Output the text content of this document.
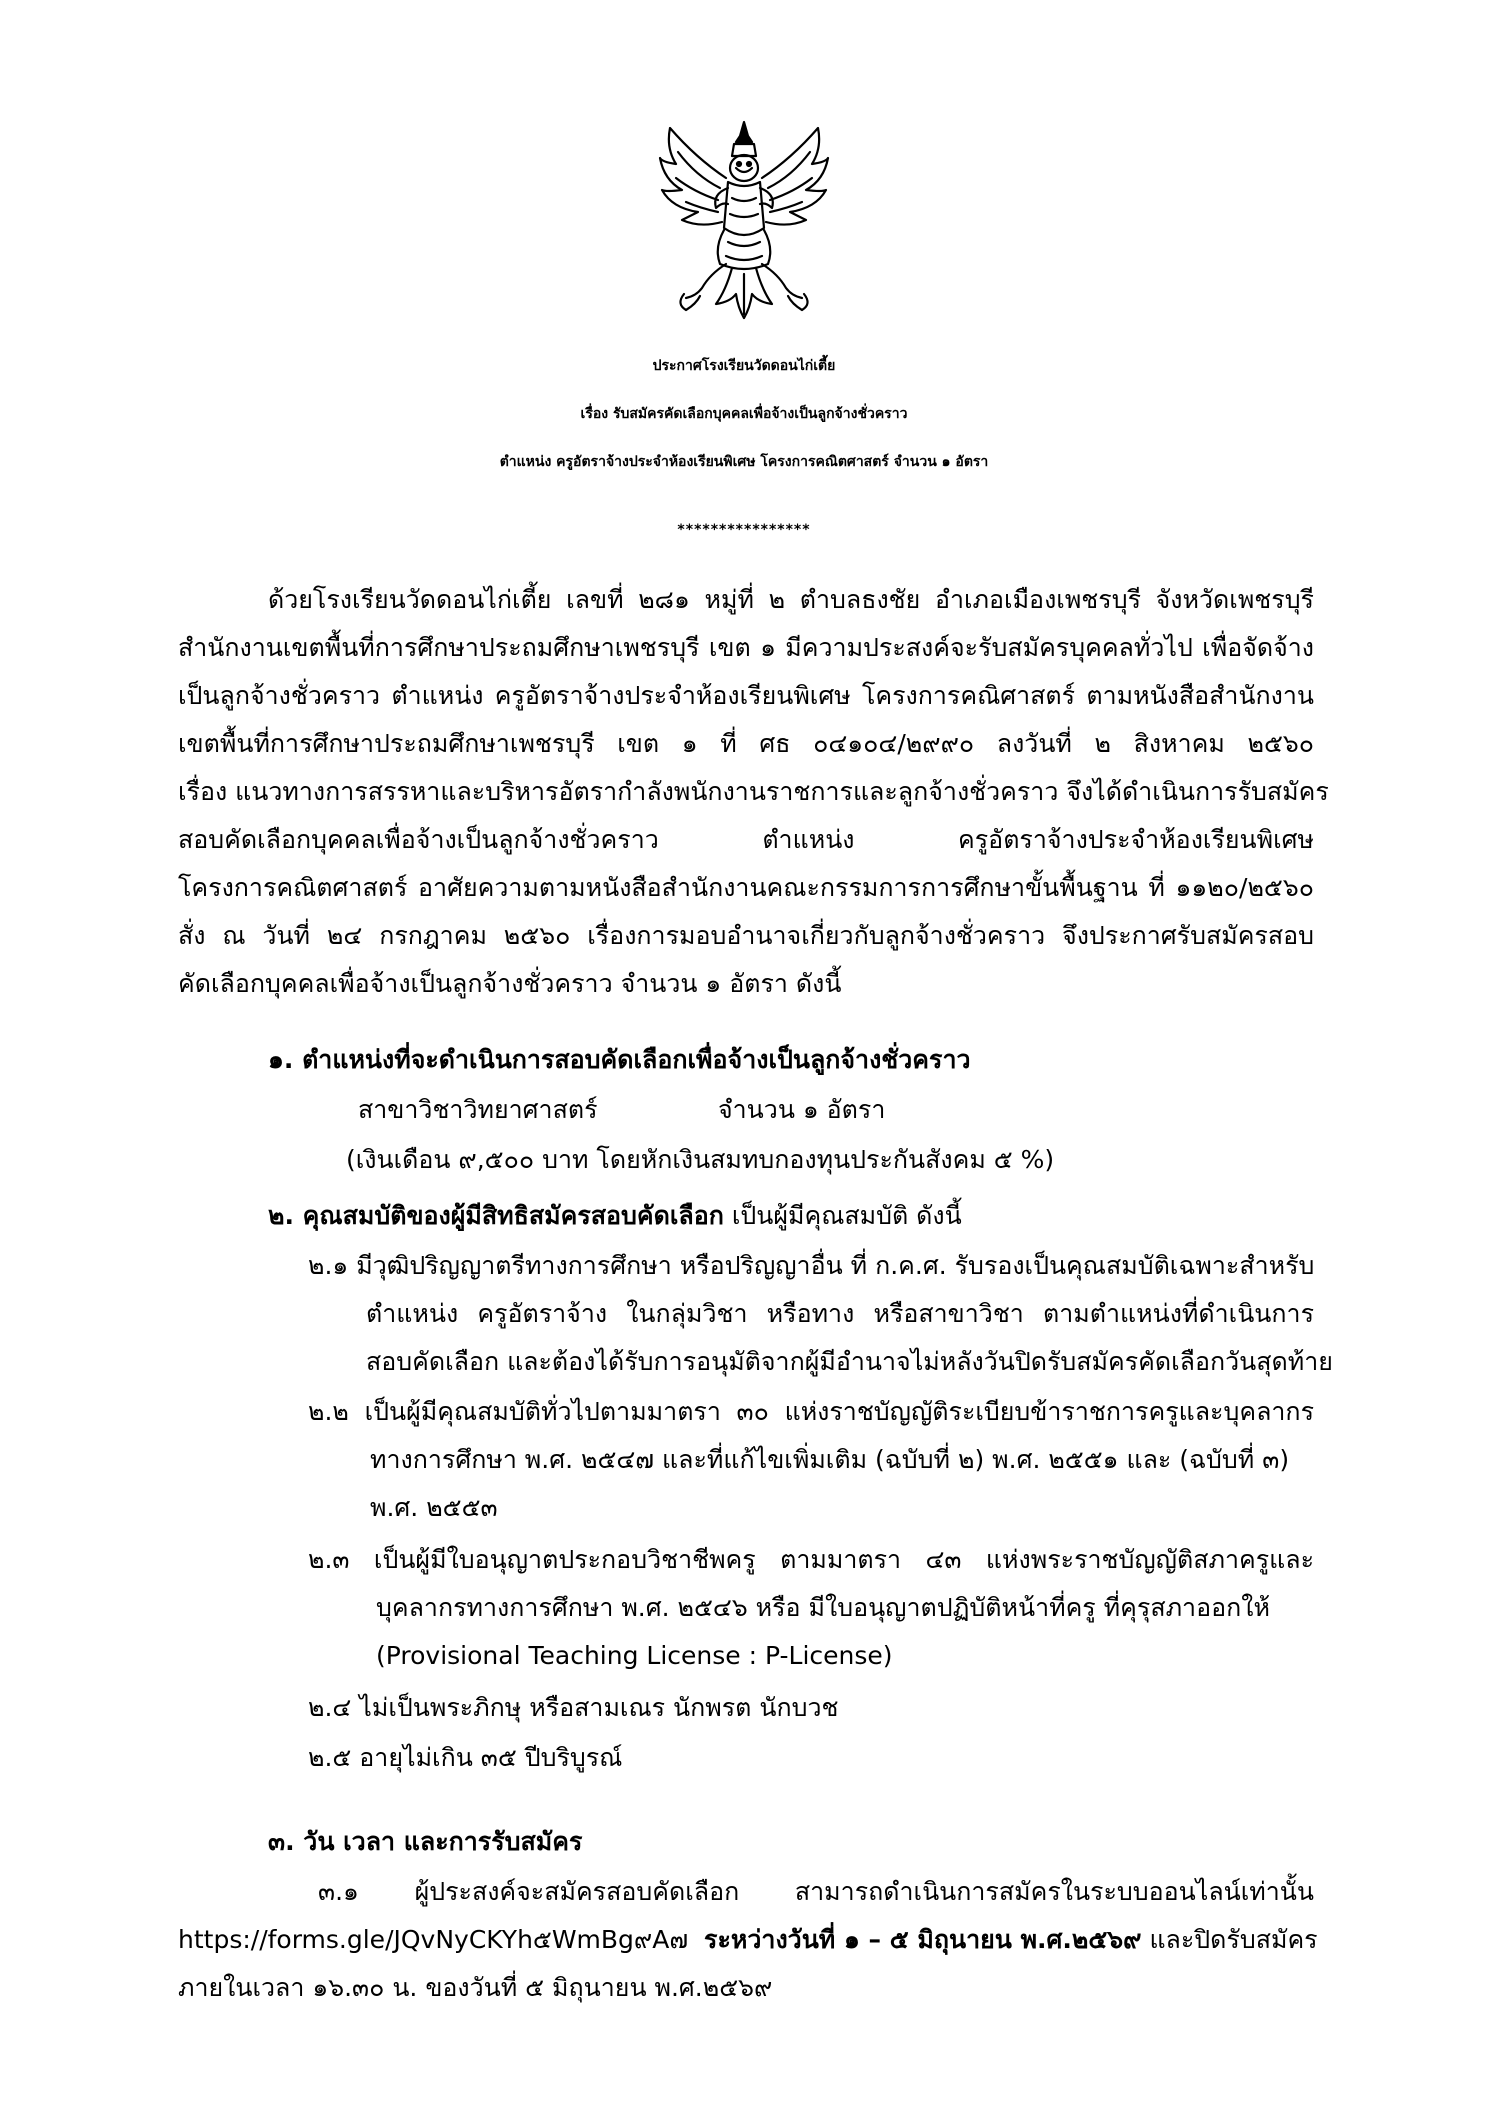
ประกาศโรงเรียนวัดดอนไก่เตี้ย
เรื่อง รับสมัครคัดเลือกบุคคลเพื่อจ้างเป็นลูกจ้างชั่วคราว
ตำแหน่ง ครูอัตราจ้างประจำห้องเรียนพิเศษ โครงการคณิตศาสตร์ จำนวน ๑ อัตรา
****************
ด้วยโรงเรียนวัดดอนไก่เตี้ย เลขที่ ๒๘๑ หมู่ที่ ๒ ตำบลธงชัย อำเภอเมืองเพชรบุรี จังหวัดเพชรบุรี
สำนักงานเขตพื้นที่การศึกษาประถมศึกษาเพชรบุรี เขต ๑ มีความประสงค์จะรับสมัครบุคคลทั่วไป เพื่อจัดจ้าง
เป็นลูกจ้างชั่วคราว ตำแหน่ง ครูอัตราจ้างประจำห้องเรียนพิเศษ โครงการคณิศาสตร์ ตามหนังสือสำนักงาน
เขตพื้นที่การศึกษาประถมศึกษาเพชรบุรี เขต ๑ ที่ ศธ ๐๔๑๐๔/๒๙๙๐ ลงวันที่ ๒ สิงหาคม ๒๕๖๐
เรื่อง แนวทางการสรรหาและบริหารอัตรากำลังพนักงานราชการและลูกจ้างชั่วคราว จึงได้ดำเนินการรับสมัคร
สอบคัดเลือกบุคคลเพื่อจ้างเป็นลูกจ้างชั่วคราว ตำแหน่ง ครูอัตราจ้างประจำห้องเรียนพิเศษ
โครงการคณิตศาสตร์ อาศัยความตามหนังสือสำนักงานคณะกรรมการการศึกษาขั้นพื้นฐาน ที่ ๑๑๒๐/๒๕๖๐
สั่ง ณ วันที่ ๒๔ กรกฎาคม ๒๕๖๐ เรื่องการมอบอำนาจเกี่ยวกับลูกจ้างชั่วคราว จึงประกาศรับสมัครสอบ
คัดเลือกบุคคลเพื่อจ้างเป็นลูกจ้างชั่วคราว จำนวน ๑ อัตรา ดังนี้
๑. ตำแหน่งที่จะดำเนินการสอบคัดเลือกเพื่อจ้างเป็นลูกจ้างชั่วคราว
สาขาวิชาวิทยาศาสตร์	จำนวน ๑ อัตรา
(เงินเดือน ๙,๕๐๐ บาท โดยหักเงินสมทบกองทุนประกันสังคม ๕ %)
๒. คุณสมบัติของผู้มีสิทธิสมัครสอบคัดเลือก เป็นผู้มีคุณสมบัติ ดังนี้
๒.๑ มีวุฒิปริญญาตรีทางการศึกษา หรือปริญญาอื่น ที่ ก.ค.ศ. รับรองเป็นคุณสมบัติเฉพาะสำหรับ
ตำแหน่ง ครูอัตราจ้าง ในกลุ่มวิชา หรือทาง หรือสาขาวิชา ตามตำแหน่งที่ดำเนินการ
สอบคัดเลือก และต้องได้รับการอนุมัติจากผู้มีอำนาจไม่หลังวันปิดรับสมัครคัดเลือกวันสุดท้าย
๒.๒ เป็นผู้มีคุณสมบัติทั่วไปตามมาตรา ๓๐ แห่งราชบัญญัติระเบียบข้าราชการครูและบุคลากร
ทางการศึกษา พ.ศ. ๒๕๔๗ และที่แก้ไขเพิ่มเติม (ฉบับที่ ๒) พ.ศ. ๒๕๕๑ และ (ฉบับที่ ๓)
พ.ศ. ๒๕๕๓
๒.๓ เป็นผู้มีใบอนุญาตประกอบวิชาชีพครู ตามมาตรา ๔๓ แห่งพระราชบัญญัติสภาครูและ
บุคลากรทางการศึกษา พ.ศ. ๒๕๔๖ หรือ มีใบอนุญาตปฏิบัติหน้าที่ครู ที่คุรุสภาออกให้
(Provisional Teaching License : P-License)
๒.๔ ไม่เป็นพระภิกษุ หรือสามเณร นักพรต นักบวช
๒.๕ อายุไม่เกิน ๓๕ ปีบริบูรณ์
๓. วัน เวลา และการรับสมัคร
๓.๑ ผู้ประสงค์จะสมัครสอบคัดเลือก สามารถดำเนินการสมัครในระบบออนไลน์เท่านั้น
https://forms.gle/JQvNyCKYh๕WmBg๙A๗ ระหว่างวันที่ ๑ – ๕ มิถุนายน พ.ศ.๒๕๖๙ และปิดรับสมัคร
ภายในเวลา ๑๖.๓๐ น. ของวันที่ ๕ มิถุนายน พ.ศ.๒๕๖๙
